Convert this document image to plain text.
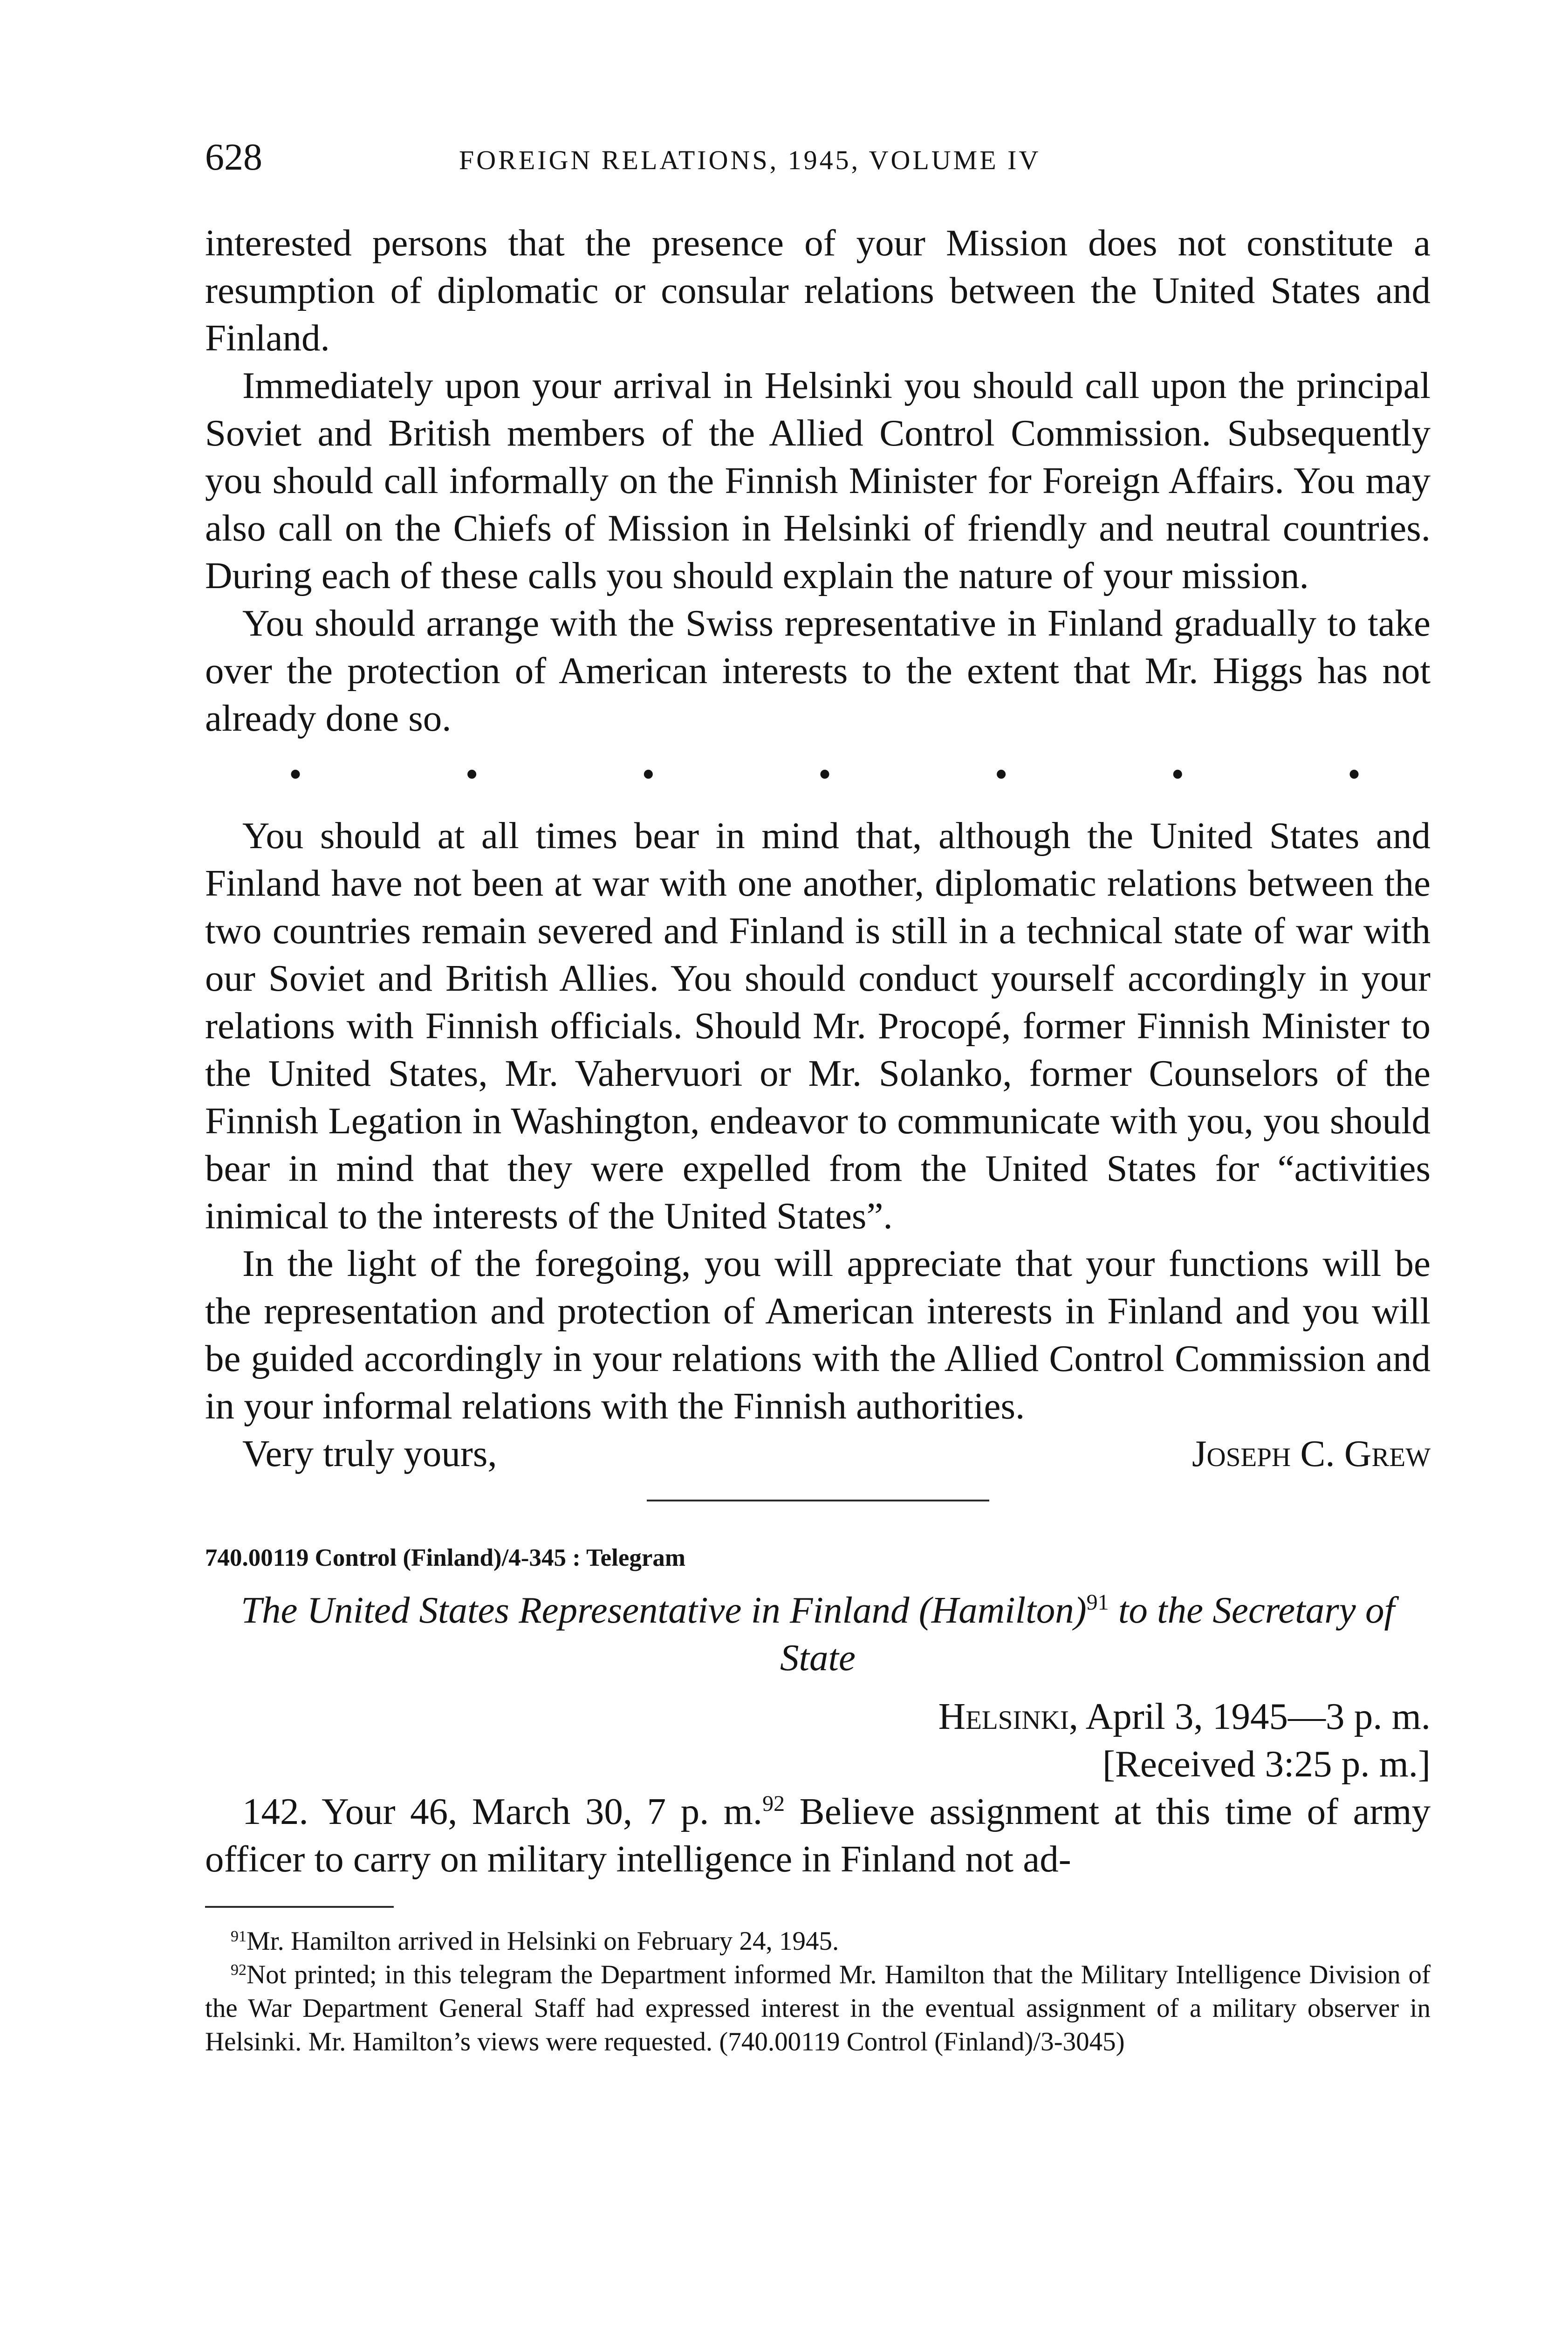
628	FOREIGN RELATIONS, 1945, VOLUME IV

interested persons that the presence of your Mission does not constitute a resumption of diplomatic or consular relations between the United States and Finland.

Immediately upon your arrival in Helsinki you should call upon the principal Soviet and British members of the Allied Control Commission. Subsequently you should call informally on the Finnish Minister for Foreign Affairs. You may also call on the Chiefs of Mission in Helsinki of friendly and neutral countries. During each of these calls you should explain the nature of your mission.

You should arrange with the Swiss representative in Finland gradually to take over the protection of American interests to the extent that Mr. Higgs has not already done so.

•	•	•	•	•	•	•

You should at all times bear in mind that, although the United States and Finland have not been at war with one another, diplomatic relations between the two countries remain severed and Finland is still in a technical state of war with our Soviet and British Allies. You should conduct yourself accordingly in your relations with Finnish officials. Should Mr. Procopé, former Finnish Minister to the United States, Mr. Vahervuori or Mr. Solanko, former Counselors of the Finnish Legation in Washington, endeavor to communicate with you, you should bear in mind that they were expelled from the United States for “activities inimical to the interests of the United States”.

In the light of the foregoing, you will appreciate that your functions will be the representation and protection of American interests in Finland and you will be guided accordingly in your relations with the Allied Control Commission and in your informal relations with the Finnish authorities.

Very truly yours,	Joseph C. Grew
740.00119 Control (Finland)/4-345 : Telegram
The United States Representative in Finland (Hamilton)$^{91}$ to the Secretary of State
Helsinki, April 3, 1945—3 p. m.
[Received 3:25 p. m.]

142. Your 46, March 30, 7 p. m.$^{92}$ Believe assignment at this time of army officer to carry on military intelligence in Finland not ad-

$^{91}$Mr. Hamilton arrived in Helsinki on February 24, 1945.

$^{92}$Not printed; in this telegram the Department informed Mr. Hamilton that the Military Intelligence Division of the War Department General Staff had expressed interest in the eventual assignment of a military observer in Helsinki. Mr. Hamilton’s views were requested. (740.00119 Control (Finland)/3-3045)
